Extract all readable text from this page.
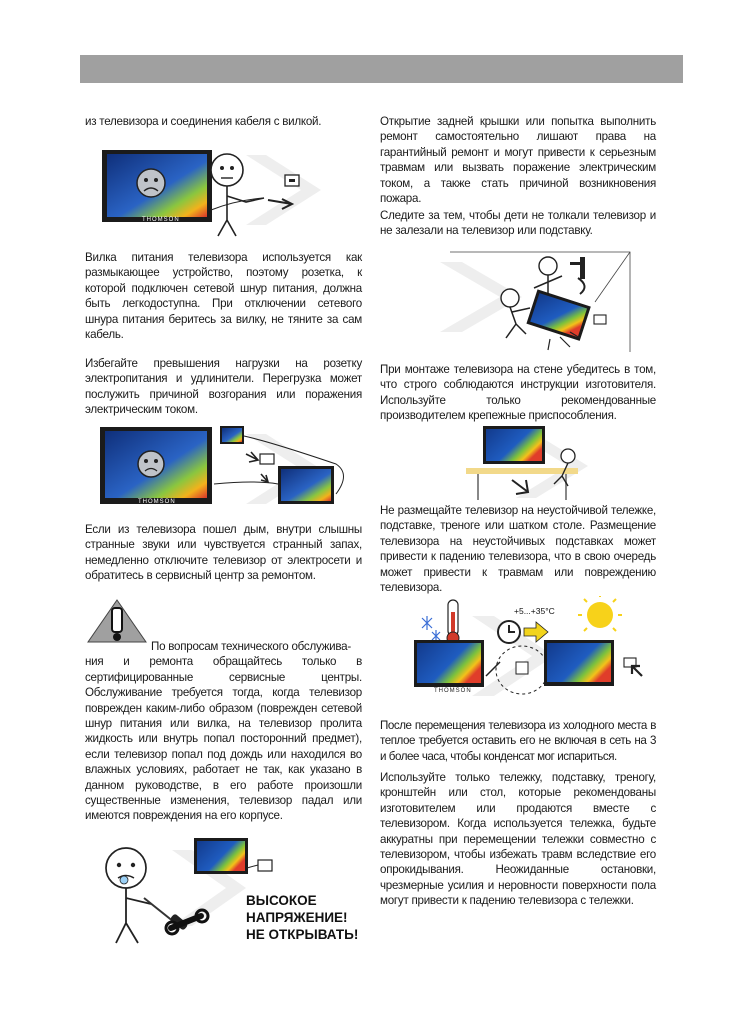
из телевизора и соединения кабеля с вилкой.

THOMSON

Вилка питания телевизора используется как размыкающее устройство, поэтому розетка, к которой подключен сетевой шнур питания, должна быть легкодоступна. При отключении сетевого шнура питания беритесь за вилку, не тяните за сам кабель.

Избегайте превышения нагрузки на розетку электропитания и удлинители. Перегрузка может послужить причиной возгорания или поражения электрическим током.

THOMSON

Если из телевизора пошел дым, внутри слышны странные звуки или чувствуется странный запах, немедленно отключите телевизор от электросети и обратитесь в сервисный центр за ремонтом.

По вопросам технического обслужива-

ния и ремонта обращайтесь только в сертифицированные сервисные центры. Обслуживание требуется тогда, когда телевизор поврежден каким-либо образом (поврежден сетевой шнур питания или вилка, на телевизор пролита жидкость или внутрь попал посторонний предмет), если телевизор попал под дождь или находился во влажных условиях, работает не так, как указано в данном руководстве, в его работе произошли существенные изменения, телевизор падал или имеются повреждения на его корпусе.

ВЫСОКОЕ
НАПРЯЖЕНИЕ!
НЕ ОТКРЫВАТЬ!

Открытие задней крышки или попытка выполнить ремонт самостоятельно лишают права на гарантийный ремонт и могут привести к серьезным травмам или вызвать поражение электрическим током, а также стать причиной возникновения пожара.

Следите за тем, чтобы дети не толкали телевизор и не залезали на телевизор или подставку.

При монтаже телевизора на стене убедитесь в том, что строго соблюдаются инструкции изготовителя. Используйте только рекомендованные производителем крепежные приспособления.

Не размещайте телевизор на неустойчивой тележке, подставке, треноге или шатком столе. Размещение телевизора на неустойчивых подставках может привести к падению телевизора, что в свою очередь может привести к травмам или повреждению телевизора.

+5...+35°C
THOMSON

После перемещения телевизора из холодного места в теплое требуется оставить его не включая в сеть на 3 и более часа, чтобы конденсат мог испариться.

Используйте только тележку, подставку, треногу, кронштейн или стол, которые рекомендованы изготовителем или продаются вместе с телевизором. Когда используется тележка, будьте аккуратны при перемещении тележки совместно с телевизором, чтобы избежать травм вследствие его опрокидывания. Неожиданные остановки, чрезмерные усилия и неровности поверхности пола могут привести к падению телевизора с тележки.
